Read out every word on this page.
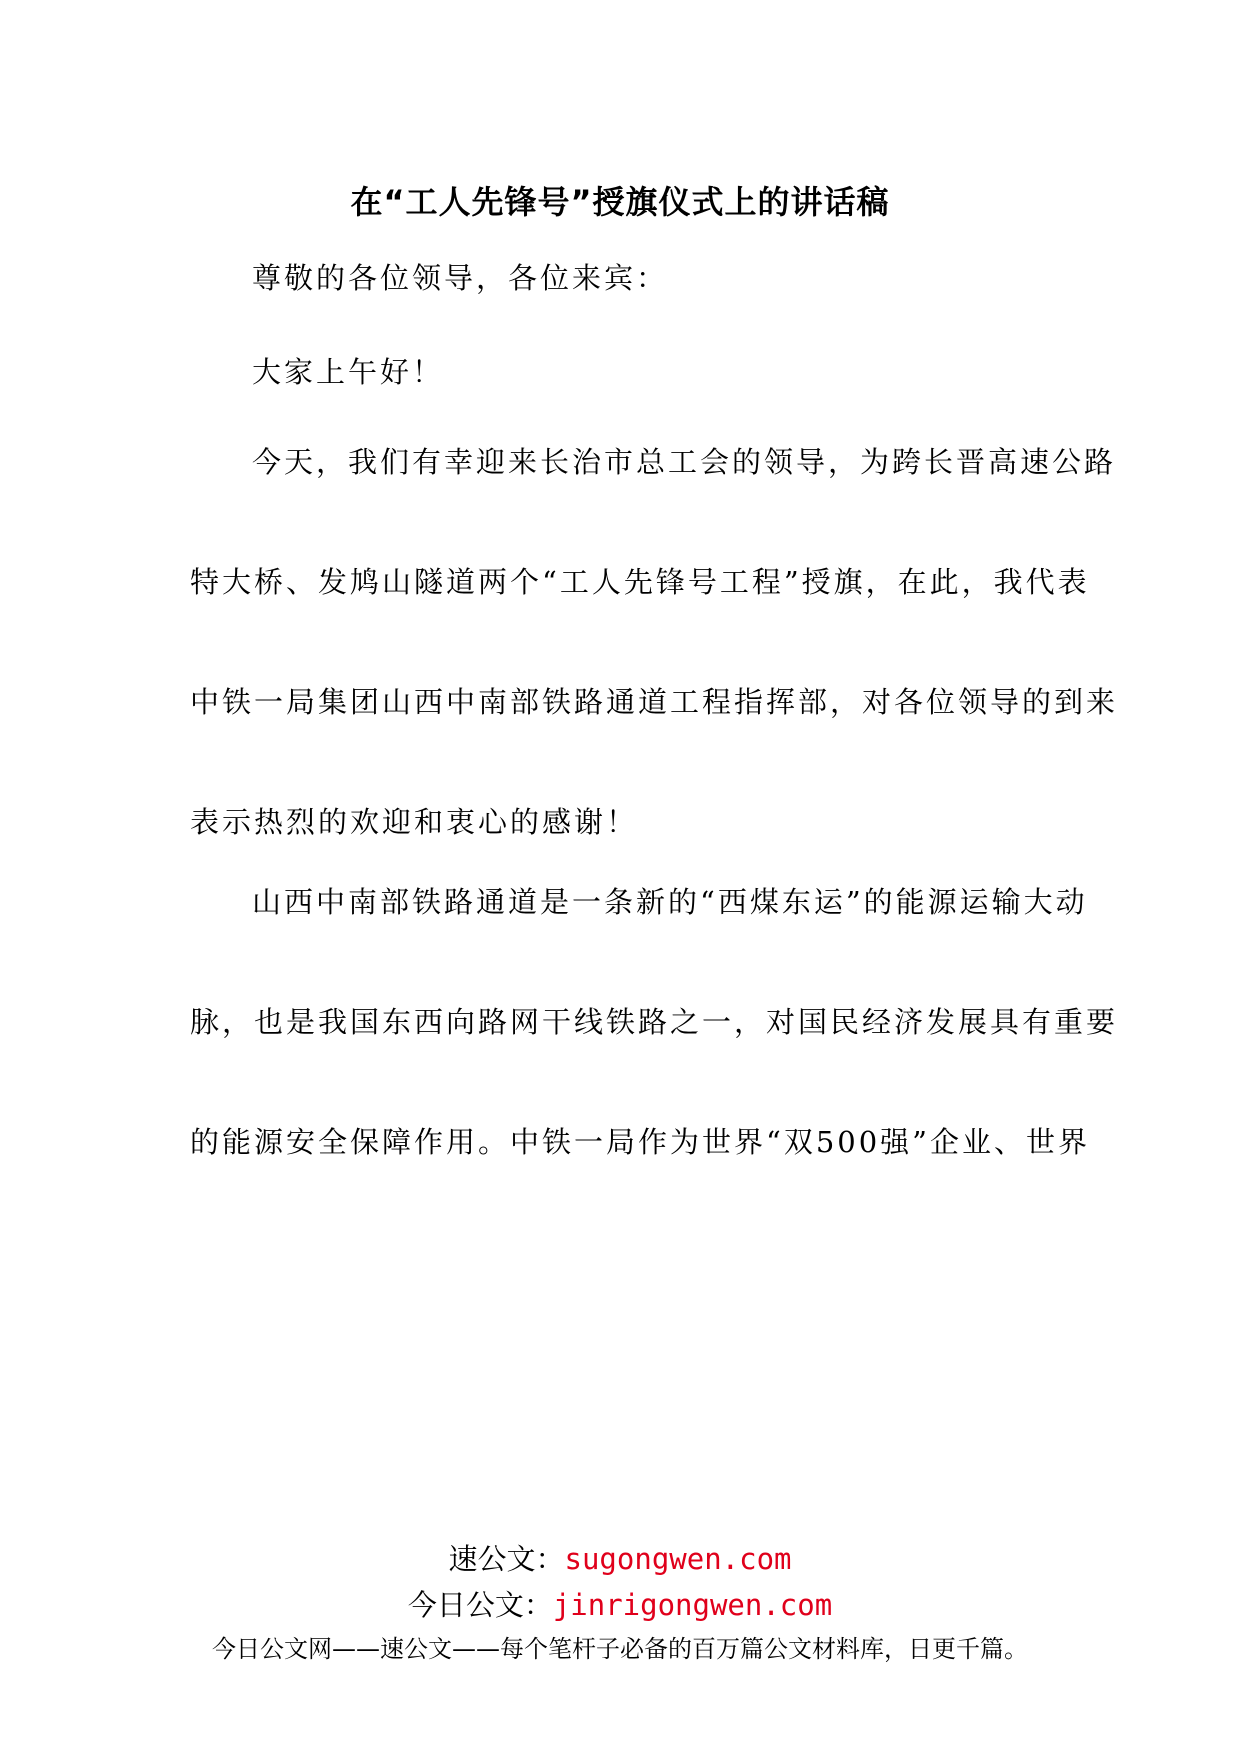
在“工人先锋号”授旗仪式上的讲话稿
尊敬的各位领导，各位来宾：
大家上午好！
今天，我们有幸迎来长治市总工会的领导，为跨长晋高速公路
特大桥、发鸠山隧道两个“工人先锋号工程”授旗，在此，我代表
中铁一局集团山西中南部铁路通道工程指挥部，对各位领导的到来
表示热烈的欢迎和衷心的感谢！
山西中南部铁路通道是一条新的“西煤东运”的能源运输大动
脉，也是我国东西向路网干线铁路之一，对国民经济发展具有重要
的能源安全保障作用。中铁一局作为世界“双500强”企业、世界
速公文：sugongwen.com
今日公文：jinrigongwen.com
今日公文网——速公文——每个笔杆子必备的百万篇公文材料库，日更千篇。
